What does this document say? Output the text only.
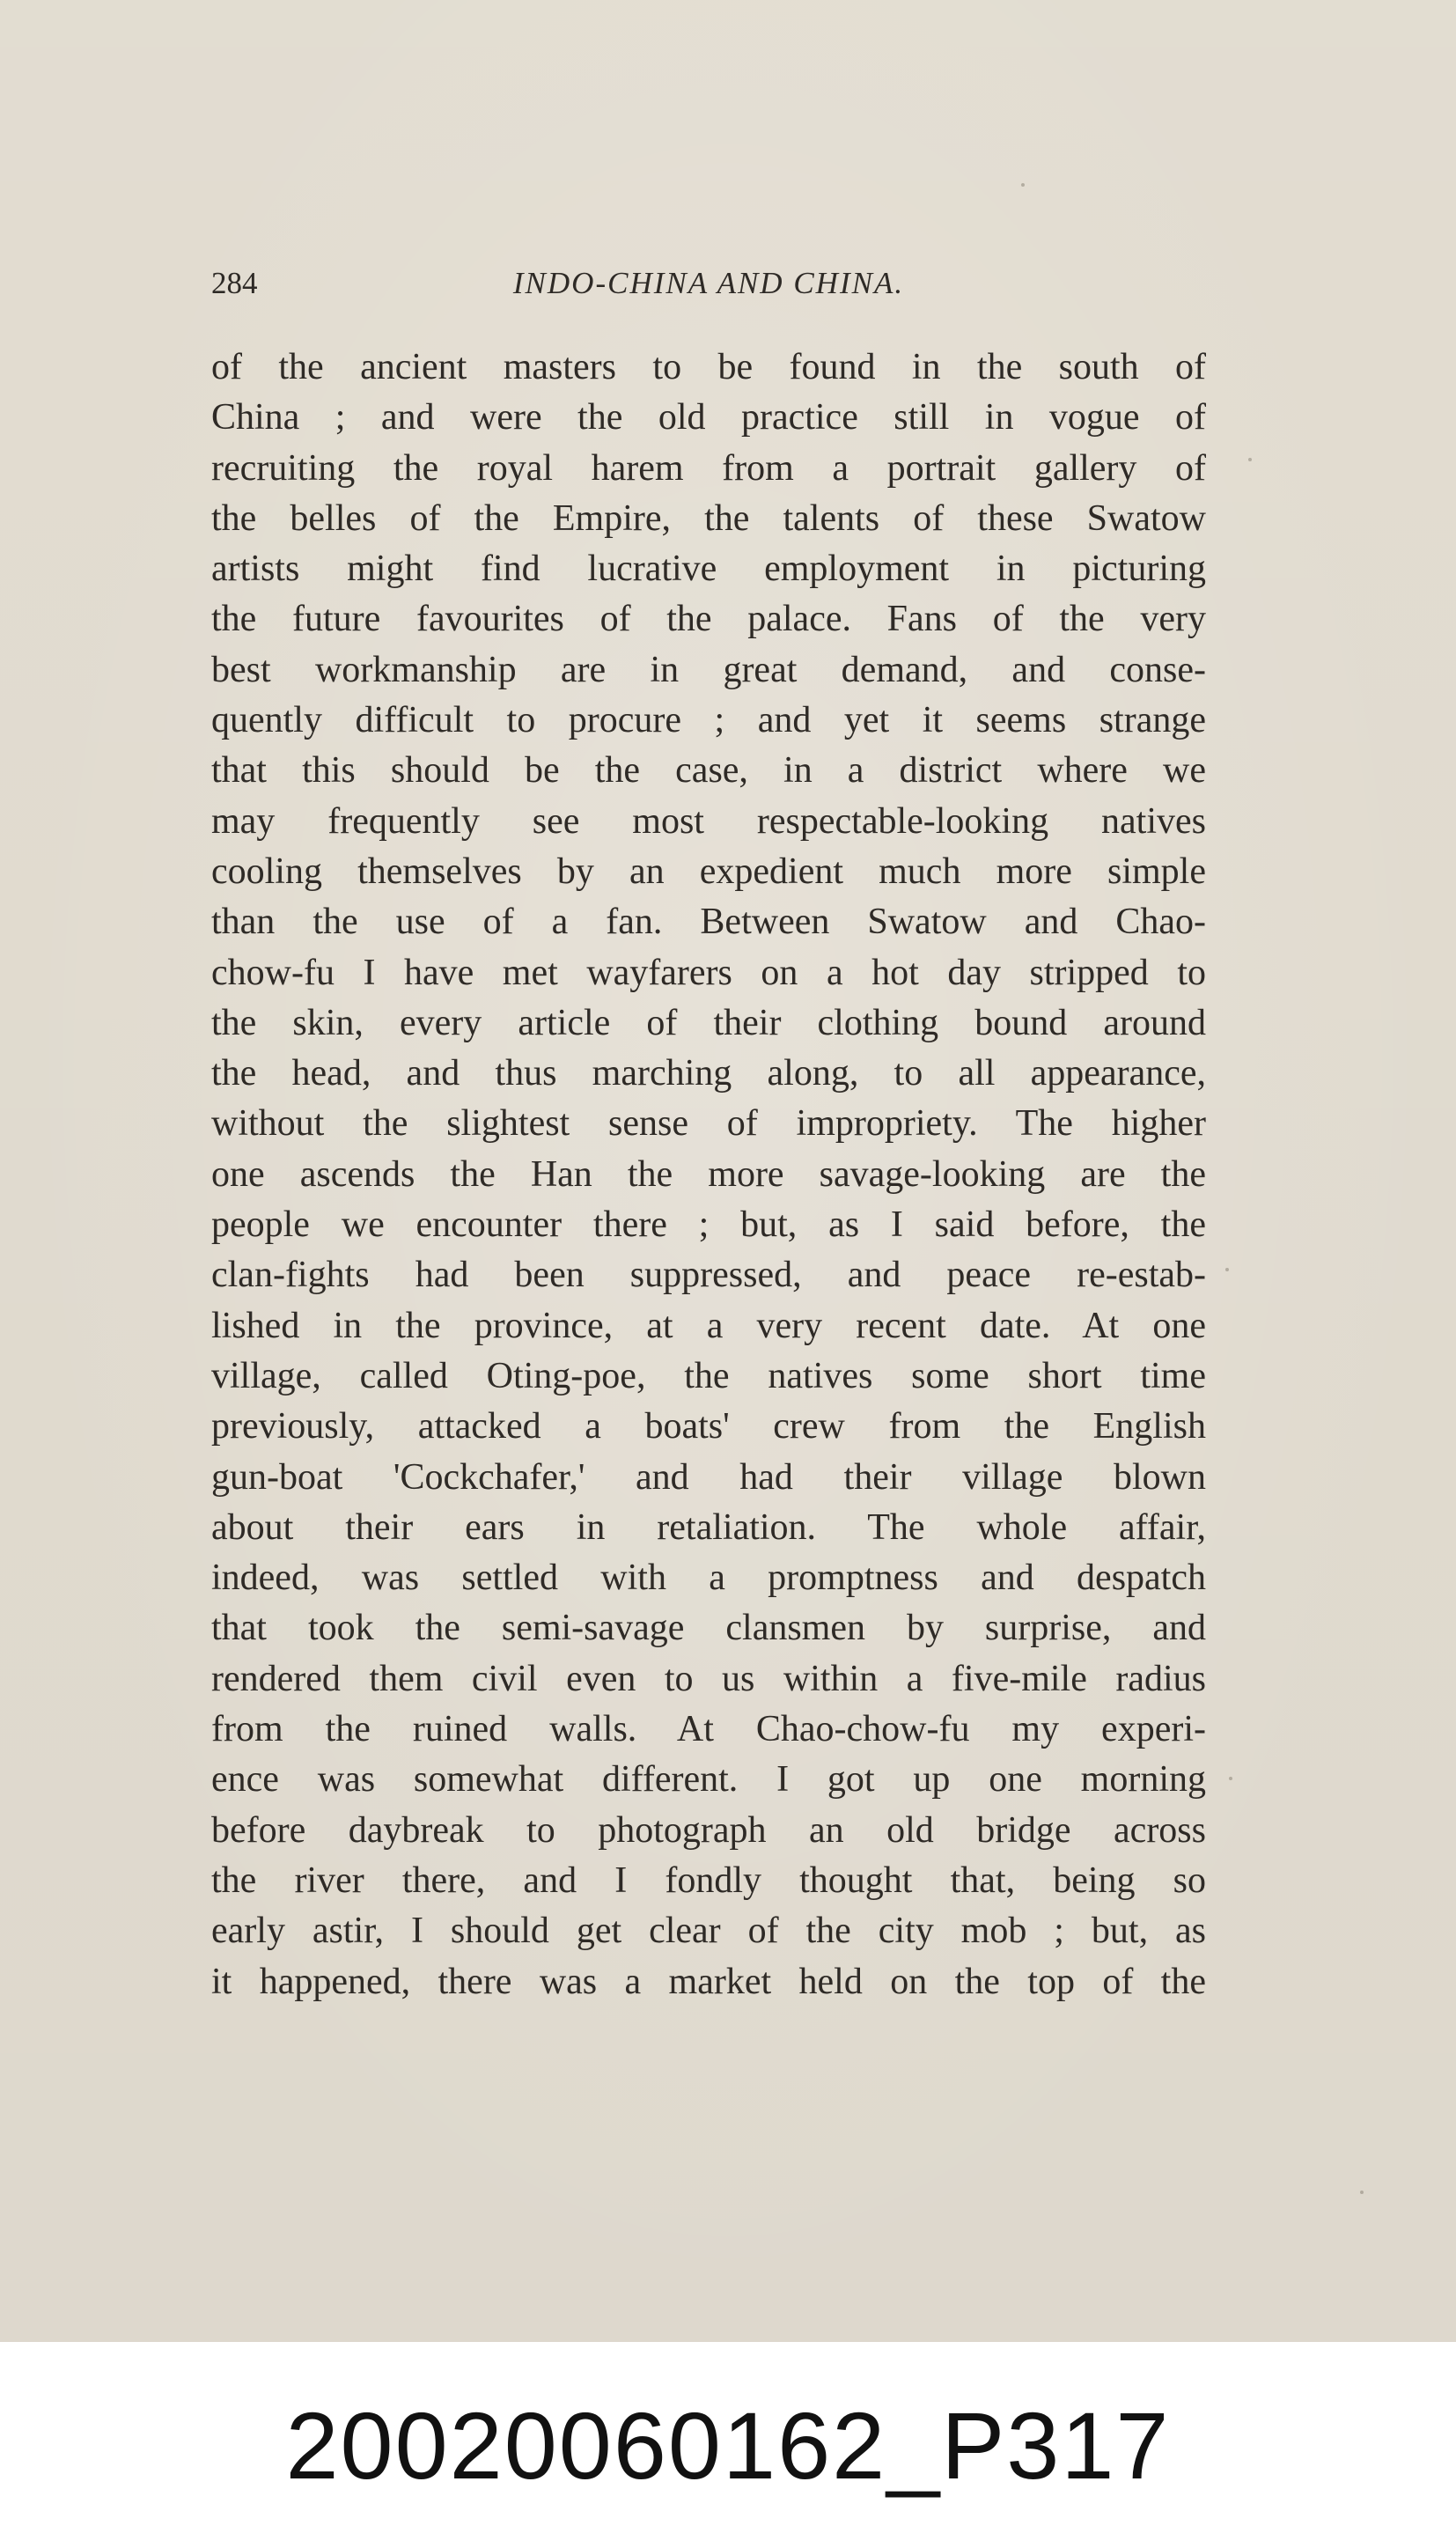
284	INDO-CHINA AND CHINA.
of the ancient masters to be found in the south of
China ; and were the old practice still in vogue of
recruiting the royal harem from a portrait gallery of
the belles of the Empire, the talents of these Swatow
artists might find lucrative employment in picturing
the future favourites of the palace. Fans of the very
best workmanship are in great demand, and conse-
quently difficult to procure ; and yet it seems strange
that this should be the case, in a district where we
may frequently see most respectable-looking natives
cooling themselves by an expedient much more simple
than the use of a fan. Between Swatow and Chao-
chow-fu I have met wayfarers on a hot day stripped to
the skin, every article of their clothing bound around
the head, and thus marching along, to all appearance,
without the slightest sense of impropriety. The higher
one ascends the Han the more savage-looking are the
people we encounter there ; but, as I said before, the
clan-fights had been suppressed, and peace re-estab-
lished in the province, at a very recent date. At one
village, called Oting-poe, the natives some short time
previously, attacked a boats' crew from the English
gun-boat 'Cockchafer,' and had their village blown
about their ears in retaliation. The whole affair,
indeed, was settled with a promptness and despatch
that took the semi-savage clansmen by surprise, and
rendered them civil even to us within a five-mile radius
from the ruined walls. At Chao-chow-fu my experi-
ence was somewhat different. I got up one morning
before daybreak to photograph an old bridge across
the river there, and I fondly thought that, being so
early astir, I should get clear of the city mob ; but, as
it happened, there was a market held on the top of the
20020060162_P317
